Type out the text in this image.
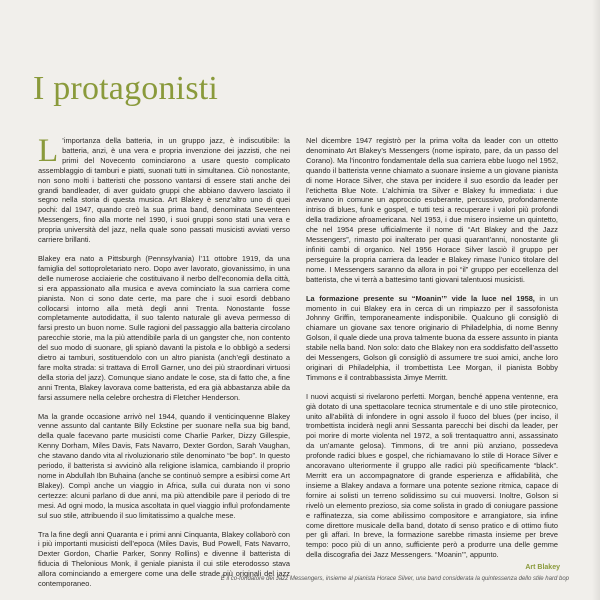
I protagonisti

L ’importanza della batteria, in un gruppo jazz, è indiscutibile: la batteria, anzi, è una vera e propria invenzione dei jazzisti, che nei primi del Novecento cominciarono a usare questo complicato assemblaggio di tamburi e piatti, suonati tutti in simultanea. Ciò nonostante, non sono molti i batteristi che possono vantarsi di essere stati anche dei grandi bandleader, di aver guidato gruppi che abbiano davvero lasciato il segno nella storia di questa musica. Art Blakey è senz’altro uno di quei pochi: dal 1947, quando creò la sua prima band, denominata Seventeen Messengers, fino alla morte nel 1990, i suoi gruppi sono stati una vera e propria università del jazz, nella quale sono passati musicisti avviati verso carriere brillanti.

Blakey era nato a Pittsburgh (Pennsylvania) l’11 ottobre 1919, da una famiglia del sottoproletariato nero. Dopo aver lavorato, giovanissimo, in una delle numerose acciaierie che costituivano il nerbo dell’economia della città, si era appassionato alla musica e aveva cominciato la sua carriera come pianista. Non ci sono date certe, ma pare che i suoi esordi debbano collocarsi intorno alla metà degli anni Trenta. Nonostante fosse completamente autodidatta, il suo talento naturale gli aveva permesso di farsi presto un buon nome. Sulle ragioni del passaggio alla batteria circolano parecchie storie, ma la più attendibile parla di un gangster che, non contento del suo modo di suonare, gli spianò davanti la pistola e lo obbligò a sedersi dietro ai tamburi, sostituendolo con un altro pianista (anch’egli destinato a fare molta strada: si trattava di Erroll Garner, uno dei più straordinari virtuosi della storia del jazz). Comunque siano andate le cose, sta di fatto che, a fine anni Trenta, Blakey lavorava come batterista, ed era già abbastanza abile da farsi assumere nella celebre orchestra di Fletcher Henderson.

Ma la grande occasione arrivò nel 1944, quando il venticinquenne Blakey venne assunto dal cantante Billy Eckstine per suonare nella sua big band, della quale facevano parte musicisti come Charlie Parker, Dizzy Gillespie, Kenny Dorham, Miles Davis, Fats Navarro, Dexter Gordon, Sarah Vaughan, che stavano dando vita al rivoluzionario stile denominato “be bop”. In questo periodo, il batterista si avvicinò alla religione islamica, cambiando il proprio nome in Abdullah Ibn Buhaina (anche se continuò sempre a esibirsi come Art Blakey). Compì anche un viaggio in Africa, sulla cui durata non vi sono certezze: alcuni parlano di due anni, ma più attendibile pare il periodo di tre mesi. Ad ogni modo, la musica ascoltata in quel viaggio influì profondamente sul suo stile, attribuendo il suo limitatissimo a qualche mese.

Tra la fine degli anni Quaranta e i primi anni Cinquanta, Blakey collaborò con i più importanti musicisti dell’epoca (Miles Davis, Bud Powell, Fats Navarro, Dexter Gordon, Charlie Parker, Sonny Rollins) e divenne il batterista di fiducia di Thelonious Monk, il geniale pianista il cui stile eterodosso stava allora cominciando a emergere come una delle strade più originali del jazz contemporaneo.

Nel dicembre 1947 registrò per la prima volta da leader con un ottetto denominato Art Blakey’s Messengers (nome ispirato, pare, da un passo del Corano). Ma l’incontro fondamentale della sua carriera ebbe luogo nel 1952, quando il batterista venne chiamato a suonare insieme a un giovane pianista di nome Horace Silver, che stava per incidere il suo esordio da leader per l’etichetta Blue Note. L’alchimia tra Silver e Blakey fu immediata: i due avevano in comune un approccio esuberante, percussivo, profondamente intriso di blues, funk e gospel, e tutti tesi a recuperare i valori più profondi della tradizione afroamericana. Nel 1953, i due misero insieme un quintetto, che nel 1954 prese ufficialmente il nome di “Art Blakey and the Jazz Messengers”, rimasto poi inalterato per quasi quarant’anni, nonostante gli infiniti cambi di organico. Nel 1956 Horace Silver lasciò il gruppo per perseguire la propria carriera da leader e Blakey rimase l’unico titolare del nome. I Messengers saranno da allora in poi “il” gruppo per eccellenza del batterista, che vi terrà a battesimo tanti giovani talentuosi musicisti.

La formazione presente su “Moanin’” vide la luce nel 1958, in un momento in cui Blakey era in cerca di un rimpiazzo per il sassofonista Johnny Griffin, temporaneamente indisponibile. Qualcuno gli consigliò di chiamare un giovane sax tenore originario di Philadelphia, di nome Benny Golson, il quale diede una prova talmente buona da essere assunto in pianta stabile nella band. Non solo: dato che Blakey non era soddisfatto dell’assetto dei Messengers, Golson gli consigliò di assumere tre suoi amici, anche loro originari di Philadelphia, il trombettista Lee Morgan, il pianista Bobby Timmons e il contrabbassista Jimye Merritt.

I nuovi acquisti si rivelarono perfetti. Morgan, benché appena ventenne, era già dotato di una spettacolare tecnica strumentale e di uno stile pirotecnico, unito all’abilità di infondere in ogni assolo il fuoco del blues (per inciso, il trombettista inciderà negli anni Sessanta parecchi bei dischi da leader, per poi morire di morte violenta nel 1972, a soli trentaquattro anni, assassinato da un’amante gelosa). Timmons, di tre anni più anziano, possedeva profonde radici blues e gospel, che richiamavano lo stile di Horace Silver e ancoravano ulteriormente il gruppo alle radici più specificamente “black”. Merritt era un accompagnatore di grande esperienza e affidabilità, che insieme a Blakey andava a formare una potente sezione ritmica, capace di fornire ai solisti un terreno solidissimo su cui muoversi. Inoltre, Golson si rivelò un elemento prezioso, sia come solista in grado di coniugare passione e raffinatezza, sia come abilissimo compositore e arrangiatore, sia infine come direttore musicale della band, dotato di senso pratico e di ottimo fiuto per gli affari. In breve, la formazione sarebbe rimasta insieme per breve tempo: poco più di un anno, sufficiente però a produrre una delle gemme della discografia dei Jazz Messengers. “Moanin’”, appunto.

Art Blakey
È il co-fondatore dei Jazz Messengers, insieme al pianista Horace Silver, una band considerata la quintessenza dello stile hard bop
